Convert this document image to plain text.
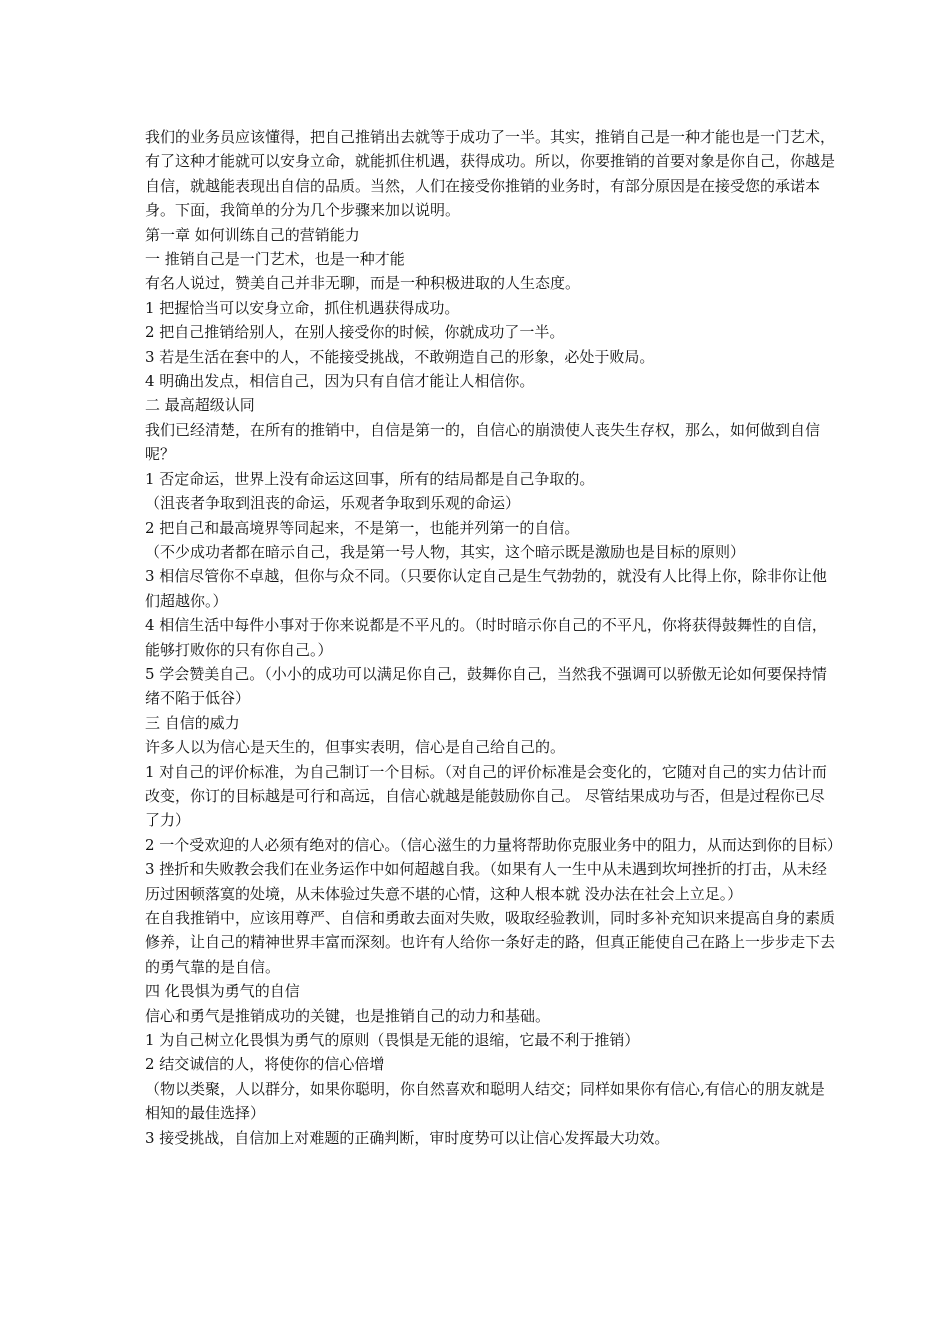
我们的业务员应该懂得，把自己推销出去就等于成功了一半。其实，推销自己是一种才能也是一门艺术，有了这种才能就可以安身立命，就能抓住机遇，获得成功。所以，你要推销的首要对象是你自己，你越是自信，就越能表现出自信的品质。当然，人们在接受你推销的业务时，有部分原因是在接受您的承诺本身。下面，我简单的分为几个步骤来加以说明。

第一章 如何训练自己的营销能力

一 推销自己是一门艺术，也是一种才能

有名人说过，赞美自己并非无聊，而是一种积极进取的人生态度。

1 把握恰当可以安身立命，抓住机遇获得成功。

2 把自己推销给别人，在别人接受你的时候，你就成功了一半。

3 若是生活在套中的人，不能接受挑战，不敢朔造自己的形象，必处于败局。

4 明确出发点，相信自己，因为只有自信才能让人相信你。

二 最高超级认同

我们已经清楚，在所有的推销中，自信是第一的，自信心的崩溃使人丧失生存权，那么，如何做到自信呢？

1 否定命运，世界上没有命运这回事，所有的结局都是自己争取的。

（沮丧者争取到沮丧的命运，乐观者争取到乐观的命运）

2 把自己和最高境界等同起来，不是第一，也能并列第一的自信。

（不少成功者都在暗示自己，我是第一号人物，其实，这个暗示既是激励也是目标的原则）

3 相信尽管你不卓越，但你与众不同。（只要你认定自己是生气勃勃的，就没有人比得上你，除非你让他们超越你。）

4 相信生活中每件小事对于你来说都是不平凡的。（时时暗示你自己的不平凡，你将获得鼓舞性的自信，能够打败你的只有你自己。）

5 学会赞美自己。（小小的成功可以满足你自己，鼓舞你自己，当然我不强调可以骄傲无论如何要保持情绪不陷于低谷）

三 自信的威力

许多人以为信心是天生的，但事实表明，信心是自己给自己的。

1 对自己的评价标准，为自己制订一个目标。（对自己的评价标准是会变化的，它随对自己的实力估计而改变，你订的目标越是可行和高远，自信心就越是能鼓励你自己。 尽管结果成功与否，但是过程你已尽了力）

2 一个受欢迎的人必须有绝对的信心。（信心滋生的力量将帮助你克服业务中的阻力，从而达到你的目标）

3 挫折和失败教会我们在业务运作中如何超越自我。（如果有人一生中从未遇到坎坷挫折的打击，从未经历过困顿落寞的处境，从未体验过失意不堪的心情，这种人根本就 没办法在社会上立足。）

在自我推销中，应该用尊严、自信和勇敢去面对失败，吸取经验教训，同时多补充知识来提高自身的素质修养，让自己的精神世界丰富而深刻。也许有人给你一条好走的路，但真正能使自己在路上一步步走下去的勇气靠的是自信。

四 化畏惧为勇气的自信

信心和勇气是推销成功的关键，也是推销自己的动力和基础。

1 为自己树立化畏惧为勇气的原则（畏惧是无能的退缩，它最不利于推销）

2 结交诚信的人，将使你的信心倍增

（物以类聚，人以群分，如果你聪明，你自然喜欢和聪明人结交；同样如果你有信心,有信心的朋友就是相知的最佳选择）

3 接受挑战，自信加上对难题的正确判断，审时度势可以让信心发挥最大功效。
